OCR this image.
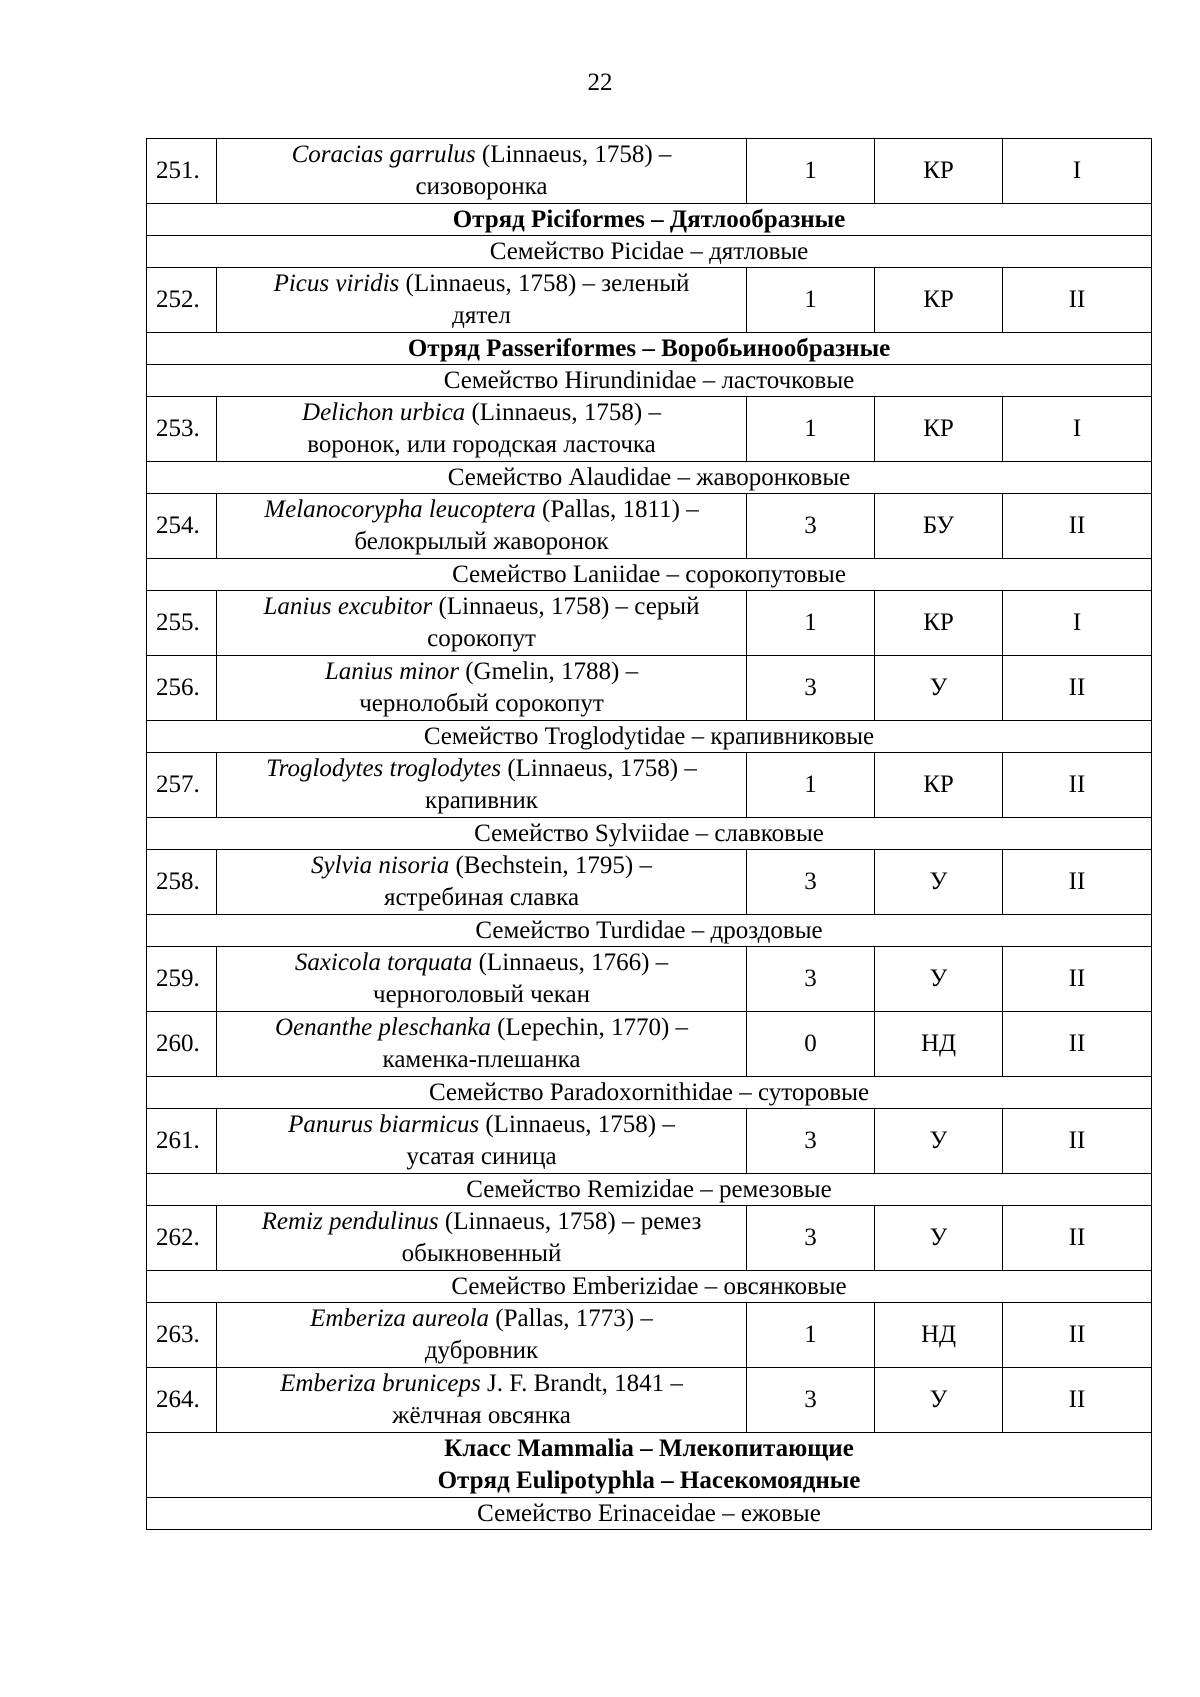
22
251.	Coracias garrulus (Linnaeus, 1758) –
сизоворонка	1	КР	I
Отряд Piciformes – Дятлообразные				
Семейство Picidae – дятловые				
252.	Picus viridis (Linnaeus, 1758) – зеленый
дятел	1	КР	II
Отряд Passeriformes – Воробьинообразные				
Семейство Hirundinidae – ласточковые				
253.	Delichon urbica (Linnaeus, 1758) –
воронок, или городская ласточка	1	КР	I
Семейство Alaudidae – жаворонковые				
254.	Melanocorypha leucoptera (Pallas, 1811) –
белокрылый жаворонок	3	БУ	II
Семейство Laniidae – сорокопутовые				
255.	Lanius excubitor (Linnaeus, 1758) – серый
сорокопут	1	КР	I
256.	Lanius minor (Gmelin, 1788) –
чернолобый сорокопут	3	У	II
Семейство Troglodytidae – крапивниковые				
257.	Troglodytes troglodytes (Linnaeus, 1758) –
крапивник	1	КР	II
Семейство Sylviidae – славковые				
258.	Sylvia nisoria (Bechstein, 1795) –
ястребиная славка	3	У	II
Семейство Turdidae – дроздовые				
259.	Saxicola torquata (Linnaeus, 1766) –
черноголовый чекан	3	У	II
260.	Oenanthe pleschanka (Lepechin, 1770) –
каменка-плешанка	0	НД	II
Семейство Paradoxornithidae – суторовые				
261.	Panurus biarmicus (Linnaeus, 1758) –
усатая синица	3	У	II
Семейство Remizidae – ремезовые				
262.	Remiz pendulinus (Linnaeus, 1758) – ремез
обыкновенный	3	У	II
Семейство Emberizidae – овсянковые				
263.	Emberiza aureola (Pallas, 1773) –
дубровник	1	НД	II
264.	Emberiza bruniceps J. F. Brandt, 1841 –
жёлчная овсянка	3	У	II

Класс Mammalia – Млекопитающие
Отряд Eulipotyphla – Насекомоядные				

Семейство Erinaceidae – ежовые				
